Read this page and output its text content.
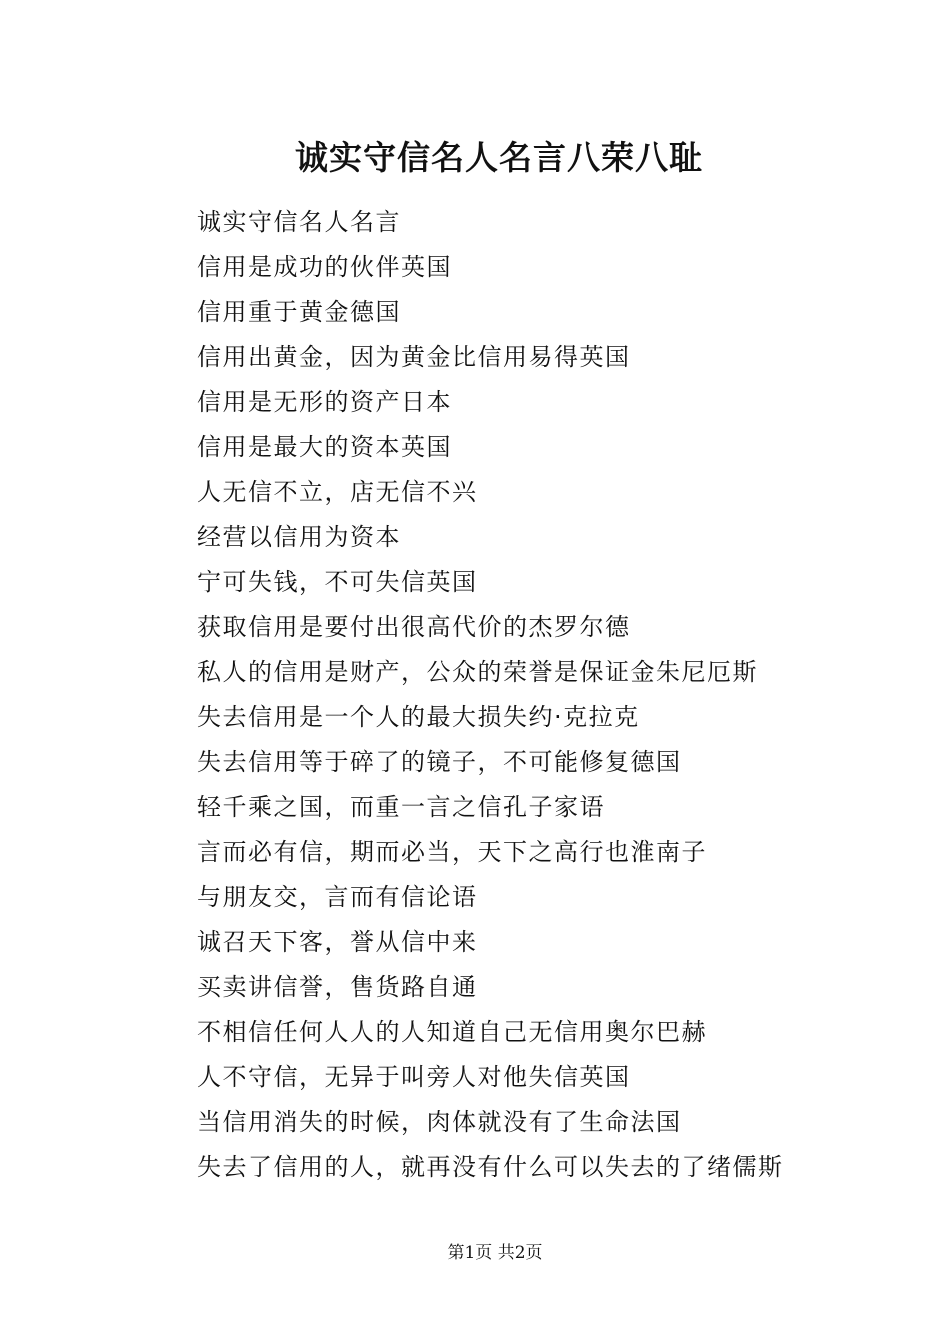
诚实守信名人名言八荣八耻
诚实守信名人名言
信用是成功的伙伴英国
信用重于黄金德国
信用出黄金，因为黄金比信用易得英国
信用是无形的资产日本
信用是最大的资本英国
人无信不立，店无信不兴
经营以信用为资本
宁可失钱，不可失信英国
获取信用是要付出很高代价的杰罗尔德
私人的信用是财产，公众的荣誉是保证金朱尼厄斯
失去信用是一个人的最大损失约·克拉克
失去信用等于碎了的镜子，不可能修复德国
轻千乘之国，而重一言之信孔子家语
言而必有信，期而必当，天下之高行也淮南子
与朋友交，言而有信论语
诚召天下客，誉从信中来
买卖讲信誉，售货路自通
不相信任何人人的人知道自己无信用奥尔巴赫
人不守信，无异于叫旁人对他失信英国
当信用消失的时候，肉体就没有了生命法国
失去了信用的人，就再没有什么可以失去的了绪儒斯
第1页 共2页
